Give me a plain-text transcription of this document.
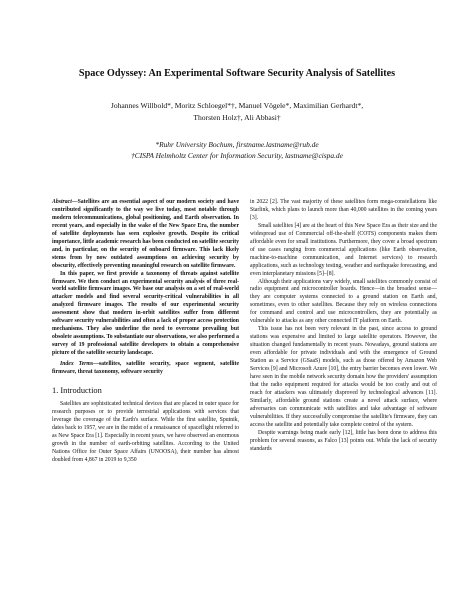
Space Odyssey: An Experimental Software Security Analysis of Satellites
Johannes Willbold*, Moritz Schloegel*†, Manuel Vögele*, Maximilian Gerhardt*,
Thorsten Holz†, Ali Abbasi†
*Ruhr University Bochum, firstname.lastname@rub.de
†CISPA Helmholtz Center for Information Security, lastname@cispa.de

Abstract—Satellites are an essential aspect of our modern society and have contributed significantly to the way we live today, most notable through modern telecommunications, global positioning, and Earth observation. In recent years, and especially in the wake of the New Space Era, the number of satellite deployments has seen explosive growth. Despite its critical importance, little academic research has been conducted on satellite security and, in particular, on the security of onboard firmware. This lack likely stems from by now outdated assumptions on achieving security by obscurity, effectively preventing meaningful research on satellite firmware.

In this paper, we first provide a taxonomy of threats against satellite firmware. We then conduct an experimental security analysis of three real-world satellite firmware images. We base our analysis on a set of real-world attacker models and find several security-critical vulnerabilities in all analyzed firmware images. The results of our experimental security assessment show that modern in-orbit satellites suffer from different software security vulnerabilities and often a lack of proper access protection mechanisms. They also underline the need to overcome prevailing but obsolete assumptions. To substantiate our observations, we also performed a survey of 19 professional satellite developers to obtain a comprehensive picture of the satellite security landscape.

Index Terms—satellites, satellite security, space segment, satellite firmware, threat taxonomy, software security

1. Introduction

Satellites are sophisticated technical devices that are placed in outer space for research purposes or to provide terrestrial applications with services that leverage the coverage of the Earth's surface. While the first satellite, Sputnik, dates back to 1957, we are in the midst of a renaissance of spaceflight referred to as New Space Era [1]. Especially in recent years, we have observed an enormous growth in the number of earth-orbiting satellites. According to the United Nations Office for Outer Space Affairs (UNOOSA), their number has almost doubled from 4,867 in 2019 to 9,350

in 2022 [2]. The vast majority of these satellites form mega-constellations like Starlink, which plans to launch more than 40,000 satellites in the coming years [3].

Small satellites [4] are at the heart of this New Space Era as their size and the widespread use of Commercial off-the-shelf (COTS) components makes them affordable even for small institutions. Furthermore, they cover a broad spectrum of use cases ranging from commercial applications (like Earth observation, machine-to-machine communication, and Internet services) to research applications, such as technology testing, weather and earthquake forecasting, and even interplanetary missions [5]–[8].

Although their applications vary widely, small satellites commonly consist of radio equipment and microcontroller boards. Hence—in the broadest sense—they are computer systems connected to a ground station on Earth and, sometimes, even to other satellites. Because they rely on wireless connections for command and control and use microcontrollers, they are potentially as vulnerable to attacks as any other connected IT platform on Earth.

This issue has not been very relevant in the past, since access to ground stations was expensive and limited to large satellite operators. However, the situation changed fundamentally in recent years. Nowadays, ground stations are even affordable for private individuals and with the emergence of Ground Station as a Service (GSaaS) models, such as those offered by Amazon Web Services [9] and Microsoft Azure [10], the entry barrier becomes even lower. We have seen in the mobile network security domain how the providers' assumption that the radio equipment required for attacks would be too costly and out of reach for attackers was ultimately disproved by technological advances [11]. Similarly, affordable ground stations create a novel attack surface, where adversaries can communicate with satellites and take advantage of software vulnerabilities. If they successfully compromise the satellite's firmware, they can access the satellite and potentially take complete control of the system.

Despite warnings being made early [12], little has been done to address this problem for several reasons, as Falco [13] points out. While the lack of security standards
